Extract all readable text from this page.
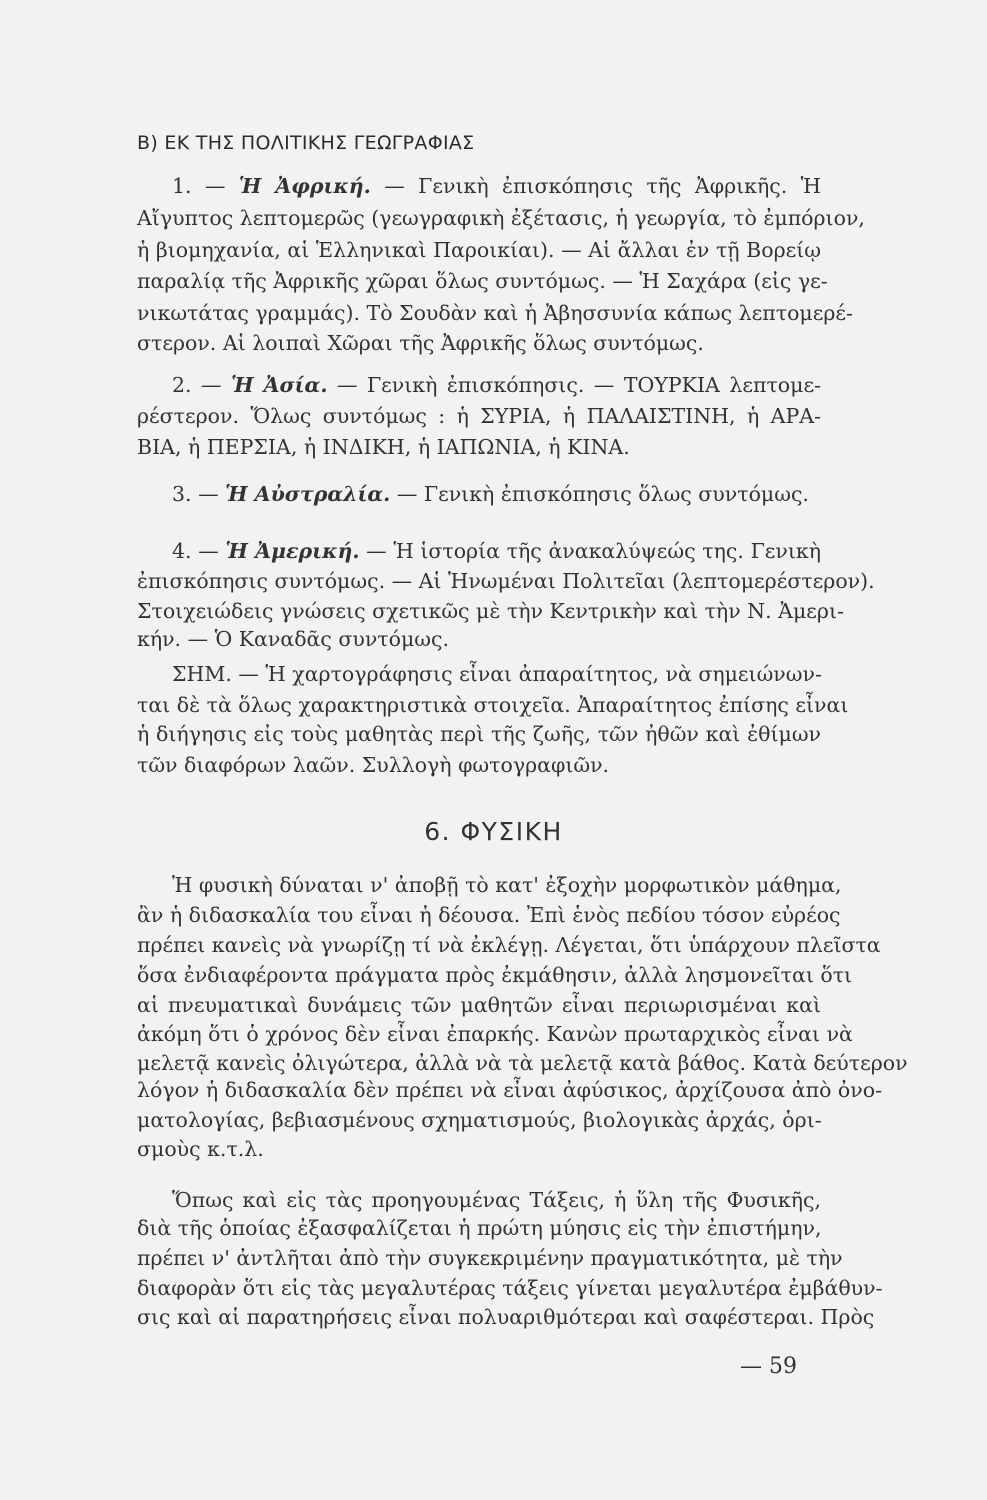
Β) ΕΚ ΤΗΣ ΠΟΛΙΤΙΚΗΣ ΓΕΩΓΡΑΦΙΑΣ
1. — Ἡ Ἀφρική. — Γενικὴ ἐπισκόπησις τῆς Ἀφρικῆς. Ἡ
Αἴγυπτος λεπτομερῶς (γεωγραφικὴ ἐξέτασις, ἡ γεωργία, τὸ ἐμπόριον,
ἡ βιομηχανία, αἱ Ἑλληνικαὶ Παροικίαι). — Αἱ ἄλλαι ἐν τῇ Βορείῳ
παραλίᾳ τῆς Ἀφρικῆς χῶραι ὅλως συντόμως. — Ἡ Σαχάρα (εἰς γε-
νικωτάτας γραμμάς). Τὸ Σουδὰν καὶ ἡ Ἀβησσυνία κάπως λεπτομερέ-
στερον. Αἱ λοιπαὶ Χῶραι τῆς Ἀφρικῆς ὅλως συντόμως.
2. — Ἡ Ἀσία. — Γενικὴ ἐπισκόπησις. — ΤΟΥΡΚΙΑ λεπτομε-
ρέστερον. Ὅλως συντόμως : ἡ ΣΥΡΙΑ, ἡ ΠΑΛΑΙΣΤΙΝΗ, ἡ ΑΡΑ-
ΒΙΑ, ἡ ΠΕΡΣΙΑ, ἡ ΙΝΔΙΚΗ, ἡ ΙΑΠΩΝΙΑ, ἡ ΚΙΝΑ.
3. — Ἡ Αὐστραλία. — Γενικὴ ἐπισκόπησις ὅλως συντόμως.
4. — Ἡ Ἀμερική. — Ἡ ἱστορία τῆς ἀνακαλύψεώς της. Γενικὴ
ἐπισκόπησις συντόμως. — Αἱ Ἡνωμέναι Πολιτεῖαι (λεπτομερέστερον).
Στοιχειώδεις γνώσεις σχετικῶς μὲ τὴν Κεντρικὴν καὶ τὴν Ν. Ἀμερι-
κήν. — Ὁ Καναδᾶς συντόμως.
ΣΗΜ. — Ἡ χαρτογράφησις εἶναι ἀπαραίτητος, νὰ σημειώνων-
ται δὲ τὰ ὅλως χαρακτηριστικὰ στοιχεῖα. Ἀπαραίτητος ἐπίσης εἶναι
ἡ διήγησις εἰς τοὺς μαθητὰς περὶ τῆς ζωῆς, τῶν ἠθῶν καὶ ἐθίμων
τῶν διαφόρων λαῶν. Συλλογὴ φωτογραφιῶν.
6. ΦΥΣΙΚΗ
Ἡ φυσικὴ δύναται ν' ἀποβῇ τὸ κατ' ἐξοχὴν μορφωτικὸν μάθημα,
ἂν ἡ διδασκαλία του εἶναι ἡ δέουσα. Ἐπὶ ἑνὸς πεδίου τόσον εὐρέος
πρέπει κανεὶς νὰ γνωρίζῃ τί νὰ ἐκλέγῃ. Λέγεται, ὅτι ὑπάρχουν πλεῖστα
ὅσα ἐνδιαφέροντα πράγματα πρὸς ἐκμάθησιν, ἀλλὰ λησμονεῖται ὅτι
αἱ πνευματικαὶ δυνάμεις τῶν μαθητῶν εἶναι περιωρισμέναι καὶ
ἀκόμη ὅτι ὁ χρόνος δὲν εἶναι ἐπαρκής. Κανὼν πρωταρχικὸς εἶναι νὰ
μελετᾷ κανεὶς ὀλιγώτερα, ἀλλὰ νὰ τὰ μελετᾷ κατὰ βάθος. Κατὰ δεύτερον
λόγον ἡ διδασκαλία δὲν πρέπει νὰ εἶναι ἀφύσικος, ἀρχίζουσα ἀπὸ ὀνο-
ματολογίας, βεβιασμένους σχηματισμούς, βιολογικὰς ἀρχάς, ὁρι-
σμοὺς κ.τ.λ.
Ὅπως καὶ εἰς τὰς προηγουμένας Τάξεις, ἡ ὕλη τῆς Φυσικῆς,
διὰ τῆς ὁποίας ἐξασφαλίζεται ἡ πρώτη μύησις εἰς τὴν ἐπιστήμην,
πρέπει ν' ἀντλῆται ἀπὸ τὴν συγκεκριμένην πραγματικότητα, μὲ τὴν
διαφορὰν ὅτι εἰς τὰς μεγαλυτέρας τάξεις γίνεται μεγαλυτέρα ἐμβάθυν-
σις καὶ αἱ παρατηρήσεις εἶναι πολυαριθμότεραι καὶ σαφέστεραι. Πρὸς
— 59
